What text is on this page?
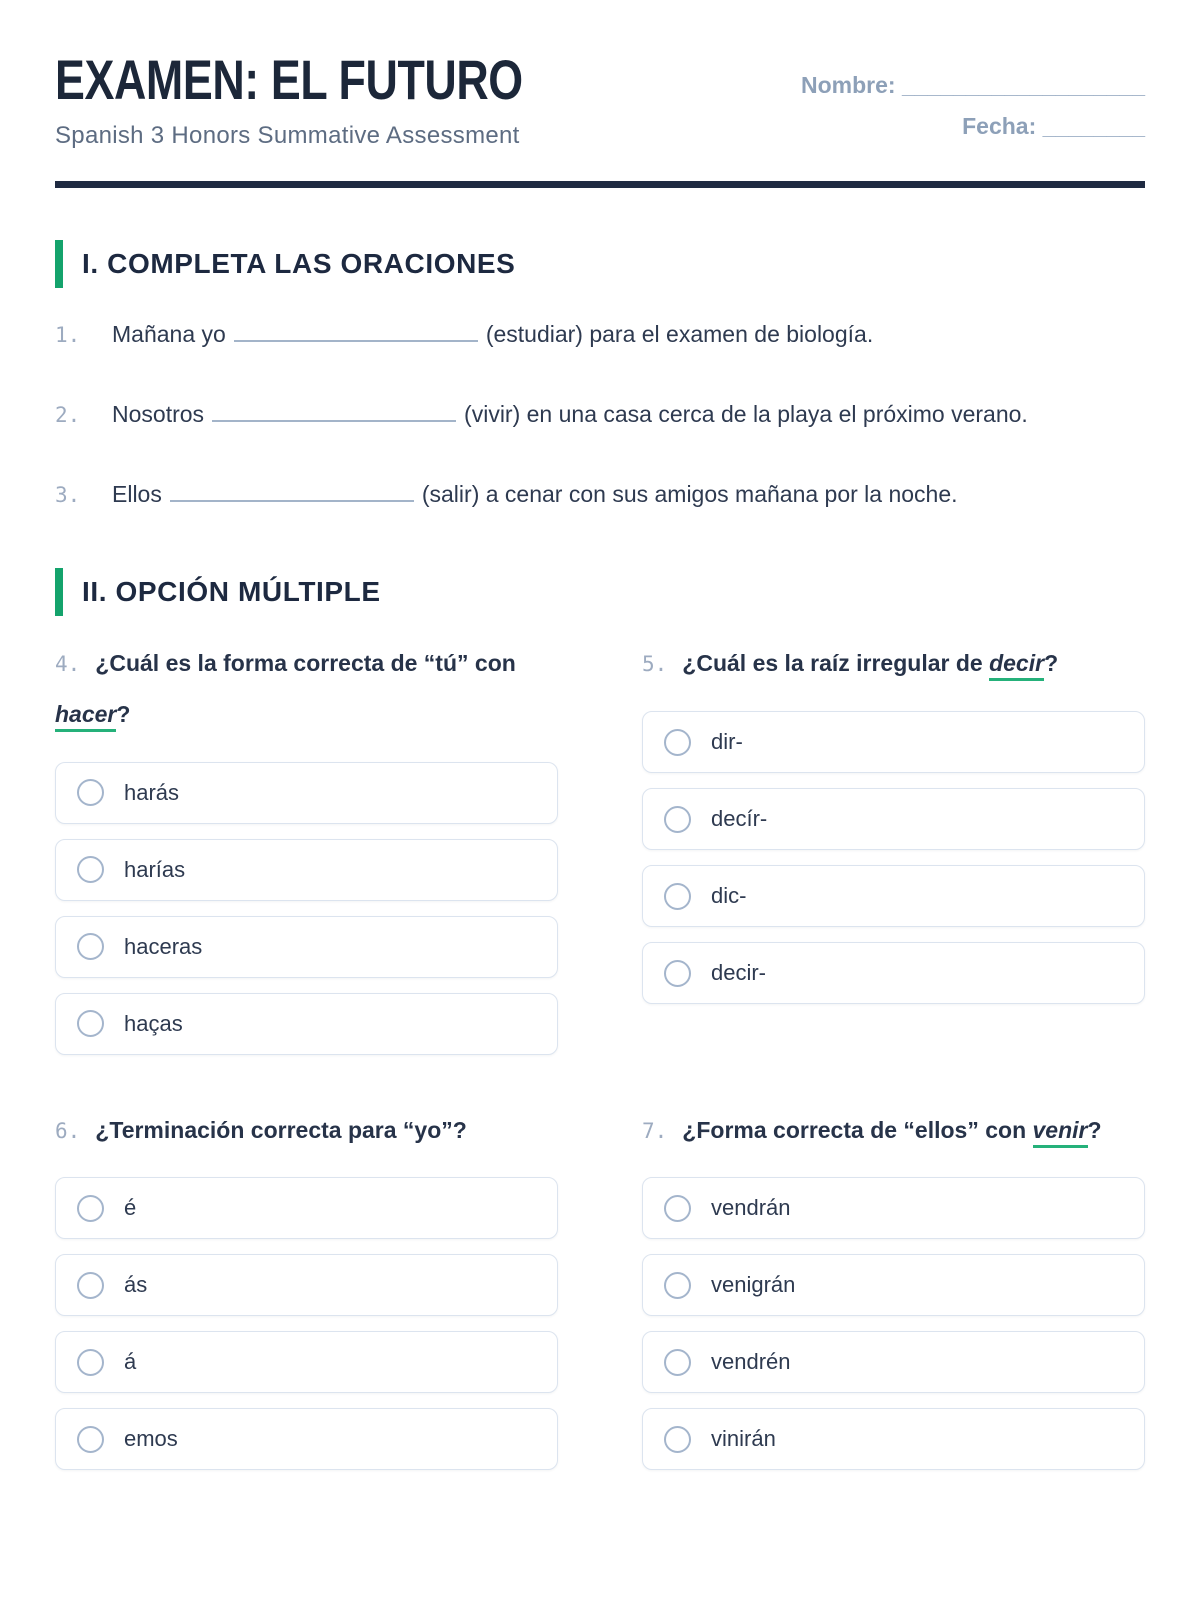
EXAMEN: EL FUTURO

Spanish 3 Honors Summative Assessment

Nombre: ___________________
Fecha: ________
I. COMPLETA LAS ORACIONES
1.	Mañana yo	(estudiar) para el examen de biología.
2.	Nosotros	(vivir) en una casa cerca de la playa el próximo verano.
3.	Ellos	(salir) a cenar con sus amigos mañana por la noche.
II. OPCIÓN MÚLTIPLE
4. ¿Cuál es la forma correcta de “tú” con hacer?
harás
harías
haceras
haças
5. ¿Cuál es la raíz irregular de decir?
dir-
decír-
dic-
decir-
6. ¿Terminación correcta para “yo”?
é
ás
á
emos
7. ¿Forma correcta de “ellos” con venir?
vendrán
venigrán
vendrén
vinirán
